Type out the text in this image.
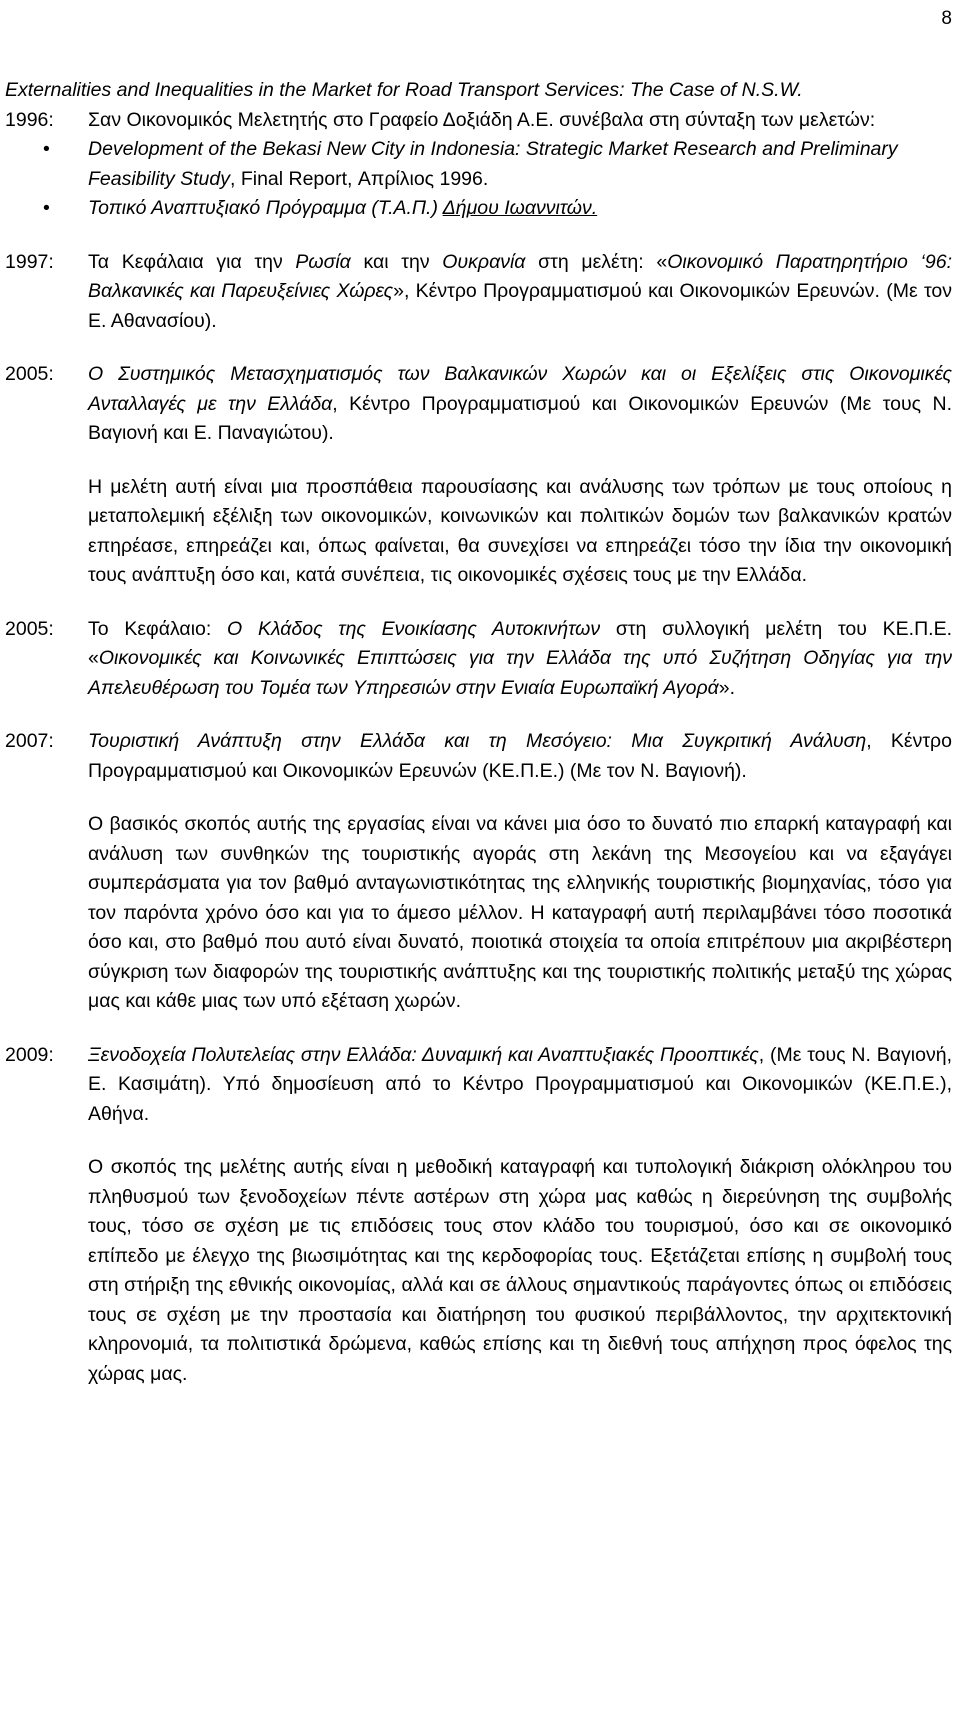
8
Externalities and Inequalities in the Market for Road Transport Services: The Case of N.S.W.
1996:	Σαν Οικονομικός Μελετητής στο Γραφείο Δοξιάδη Α.Ε. συνέβαλα στη σύνταξη των μελετών:

• Development of the Bekasi New City in Indonesia: Strategic Market Research and Preliminary Feasibility Study, Final Report, Απρίλιος 1996.
• Τοπικό Αναπτυξιακό Πρόγραμμα (Τ.Α.Π.) Δήμου Ιωαννιτών.
1997:	Τα Κεφάλαια για την Ρωσία και την Ουκρανία στη μελέτη: «Οικονομικό Παρατηρητήριο ‘96: Βαλκανικές και Παρευξείνιες Χώρες», Κέντρο Προγραμματισμού και Οικονομικών Ερευνών. (Με τον Ε. Αθανασίου).

2005:	Ο Συστημικός Μετασχηματισμός των Βαλκανικών Χωρών και οι Εξελίξεις στις Οικονομικές Ανταλλαγές με την Ελλάδα, Κέντρο Προγραμματισμού και Οικονομικών Ερευνών (Με τους Ν. Βαγιονή και Ε. Παναγιώτου).

Η μελέτη αυτή είναι μια προσπάθεια παρουσίασης και ανάλυσης των τρόπων με τους οποίους η μεταπολεμική εξέλιξη των οικονομικών, κοινωνικών και πολιτικών δομών των βαλκανικών κρατών επηρέασε, επηρεάζει και, όπως φαίνεται, θα συνεχίσει να επηρεάζει τόσο την ίδια την οικονομική τους ανάπτυξη όσο και, κατά συνέπεια, τις οικονομικές σχέσεις τους με την Ελλάδα.

2005:	Το Κεφάλαιο: Ο Κλάδος της Ενοικίασης Αυτοκινήτων στη συλλογική μελέτη του ΚΕ.Π.Ε. «Οικονομικές και Κοινωνικές Επιπτώσεις για την Ελλάδα της υπό Συζήτηση Οδηγίας για την Απελευθέρωση του Τομέα των Υπηρεσιών στην Ενιαία Ευρωπαϊκή Αγορά».

2007:	Τουριστική Ανάπτυξη στην Ελλάδα και τη Μεσόγειο: Μια Συγκριτική Ανάλυση, Κέντρο Προγραμματισμού και Οικονομικών Ερευνών (ΚΕ.Π.Ε.) (Με τον Ν. Βαγιονή).

Ο βασικός σκοπός αυτής της εργασίας είναι να κάνει μια όσο το δυνατό πιο επαρκή καταγραφή και ανάλυση των συνθηκών της τουριστικής αγοράς στη λεκάνη της Μεσογείου και να εξαγάγει συμπεράσματα για τον βαθμό ανταγωνιστικότητας της ελληνικής τουριστικής βιομηχανίας, τόσο για τον παρόντα χρόνο όσο και για το άμεσο μέλλον. Η καταγραφή αυτή περιλαμβάνει τόσο ποσοτικά όσο και, στο βαθμό που αυτό είναι δυνατό, ποιοτικά στοιχεία τα οποία επιτρέπουν μια ακριβέστερη σύγκριση των διαφορών της τουριστικής ανάπτυξης και της τουριστικής πολιτικής μεταξύ της χώρας μας και κάθε μιας των υπό εξέταση χωρών.

2009:	Ξενοδοχεία Πολυτελείας στην Ελλάδα: Δυναμική και Αναπτυξιακές Προοπτικές, (Με τους Ν. Βαγιονή, Ε. Κασιμάτη). Υπό δημοσίευση από το Κέντρο Προγραμματισμού και Οικονομικών (ΚΕ.Π.Ε.), Αθήνα.

Ο σκοπός της μελέτης αυτής είναι η μεθοδική καταγραφή και τυπολογική διάκριση ολόκληρου του πληθυσμού των ξενοδοχείων πέντε αστέρων στη χώρα μας καθώς η διερεύνηση της συμβολής τους, τόσο σε σχέση με τις επιδόσεις τους στον κλάδο του τουρισμού, όσο και σε οικονομικό επίπεδο με έλεγχο της βιωσιμότητας και της κερδοφορίας τους. Εξετάζεται επίσης η συμβολή τους στη στήριξη της εθνικής οικονομίας, αλλά και σε άλλους σημαντικούς παράγοντες όπως οι επιδόσεις τους σε σχέση με την προστασία και διατήρηση του φυσικού περιβάλλοντος, την αρχιτεκτονική κληρονομιά, τα πολιτιστικά δρώμενα, καθώς επίσης και τη διεθνή τους απήχηση προς όφελος της χώρας μας.
